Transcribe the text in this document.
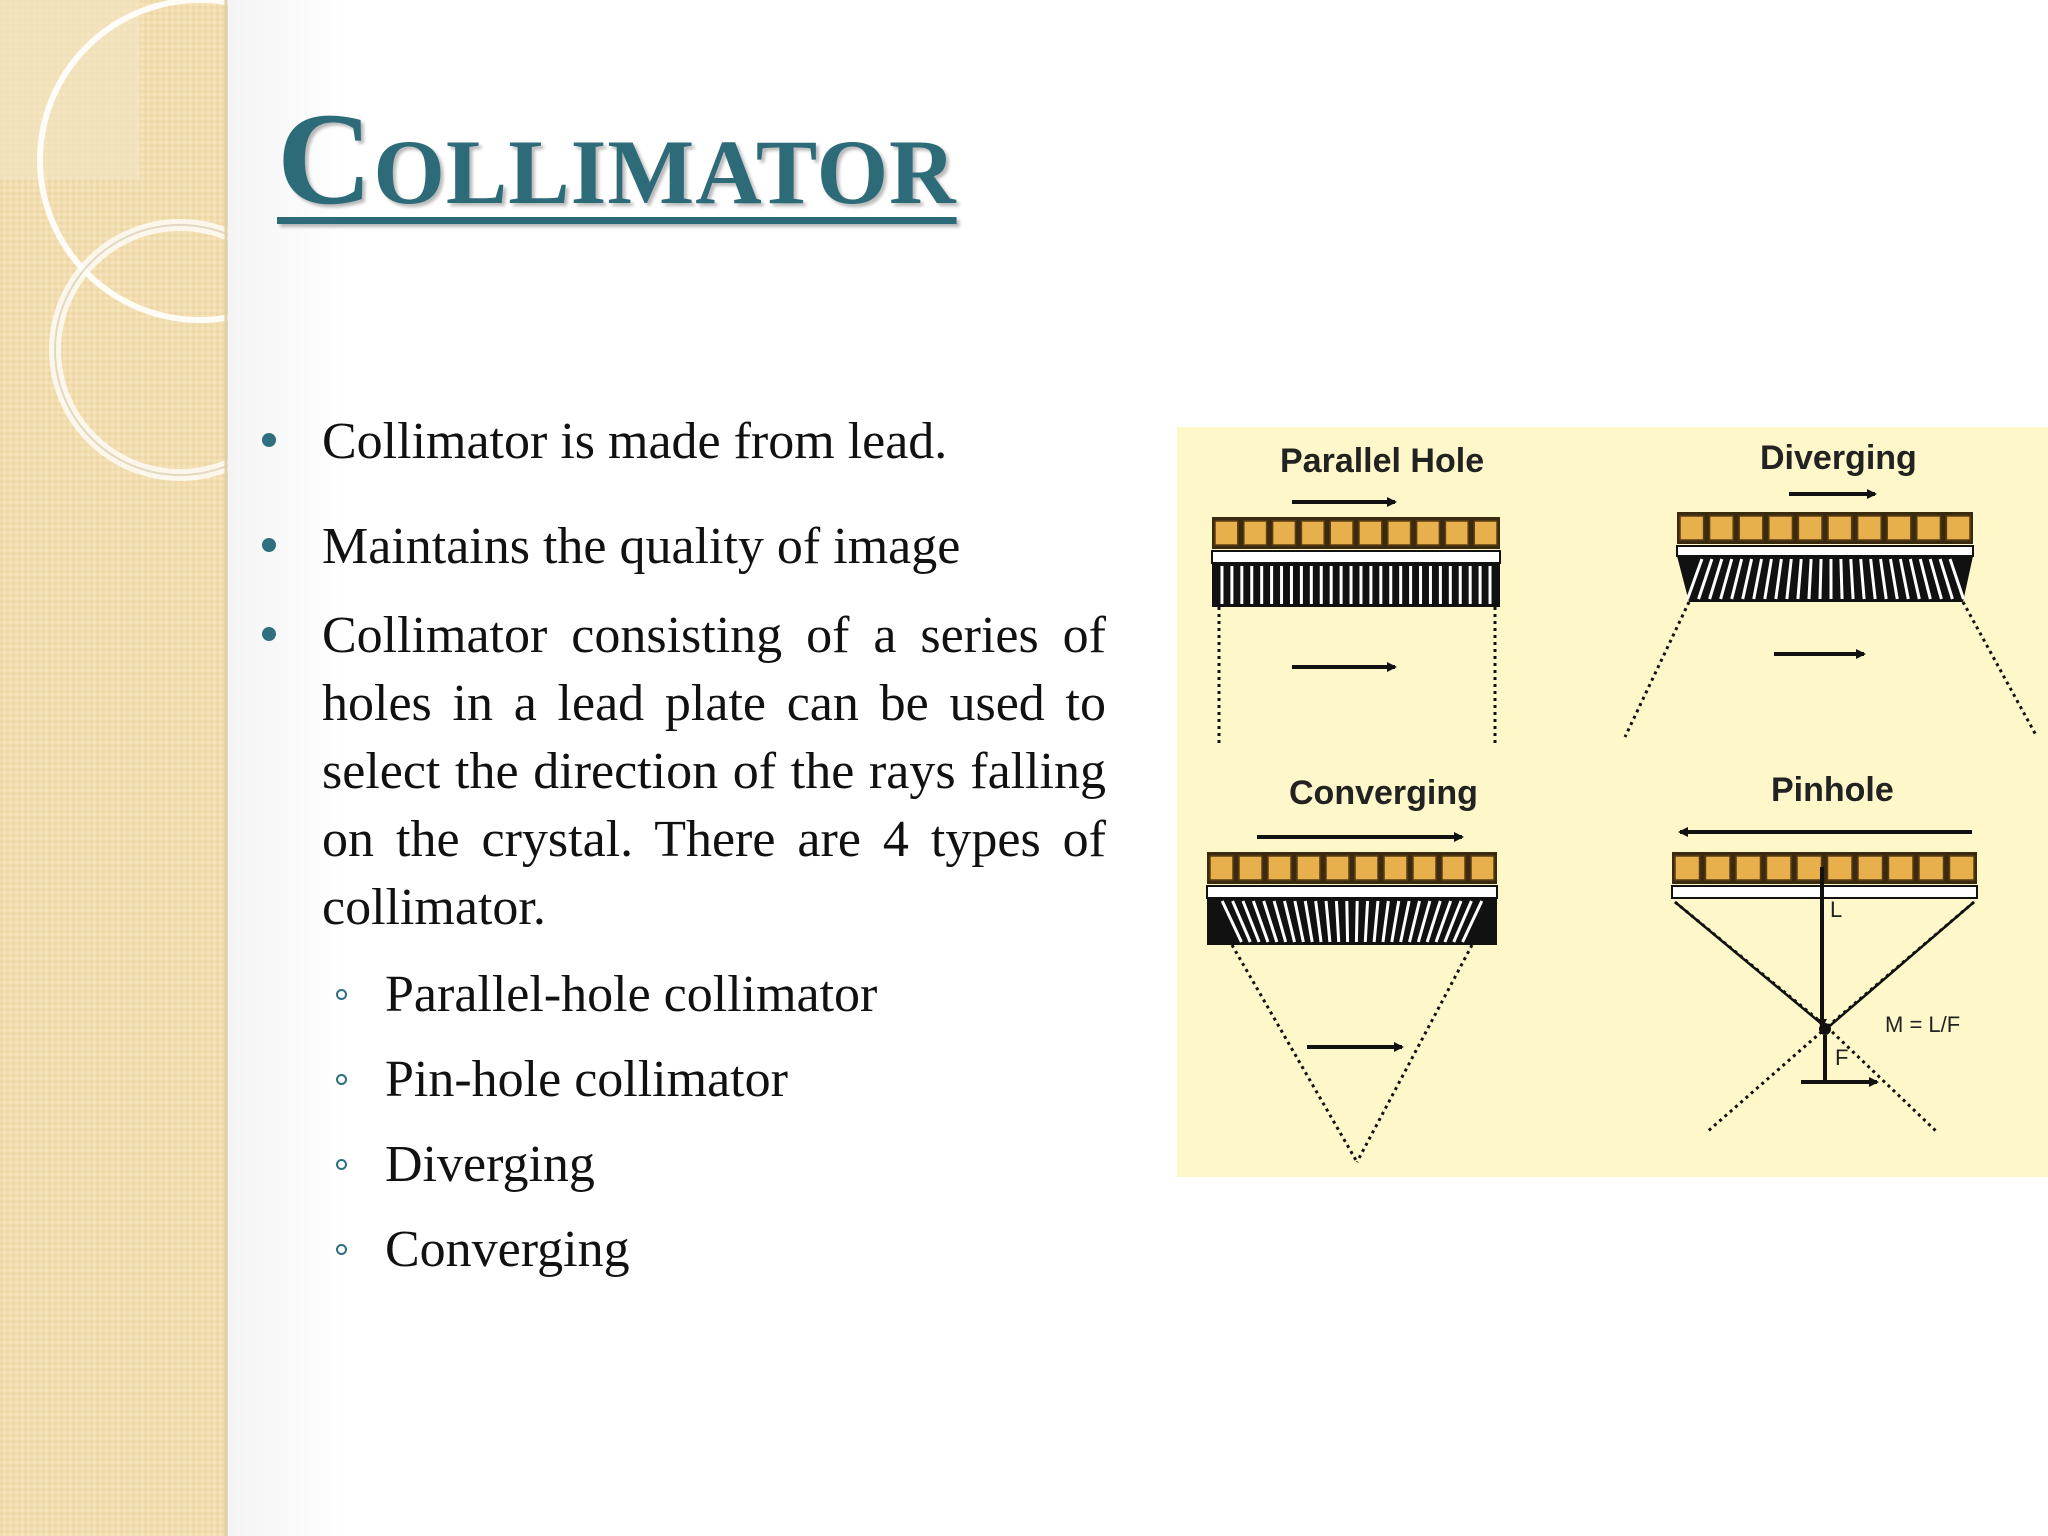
Collimator
Collimator is made from lead.
Maintains the quality of image
Collimator consisting of a series of holes in a lead plate can be used to select the direction of the rays falling on the crystal. There are 4 types of collimator.
Parallel-hole collimator
Pin-hole collimator
Diverging
Converging
Parallel Hole	Diverging
Converging	Pinhole
L
F
M = L/F
